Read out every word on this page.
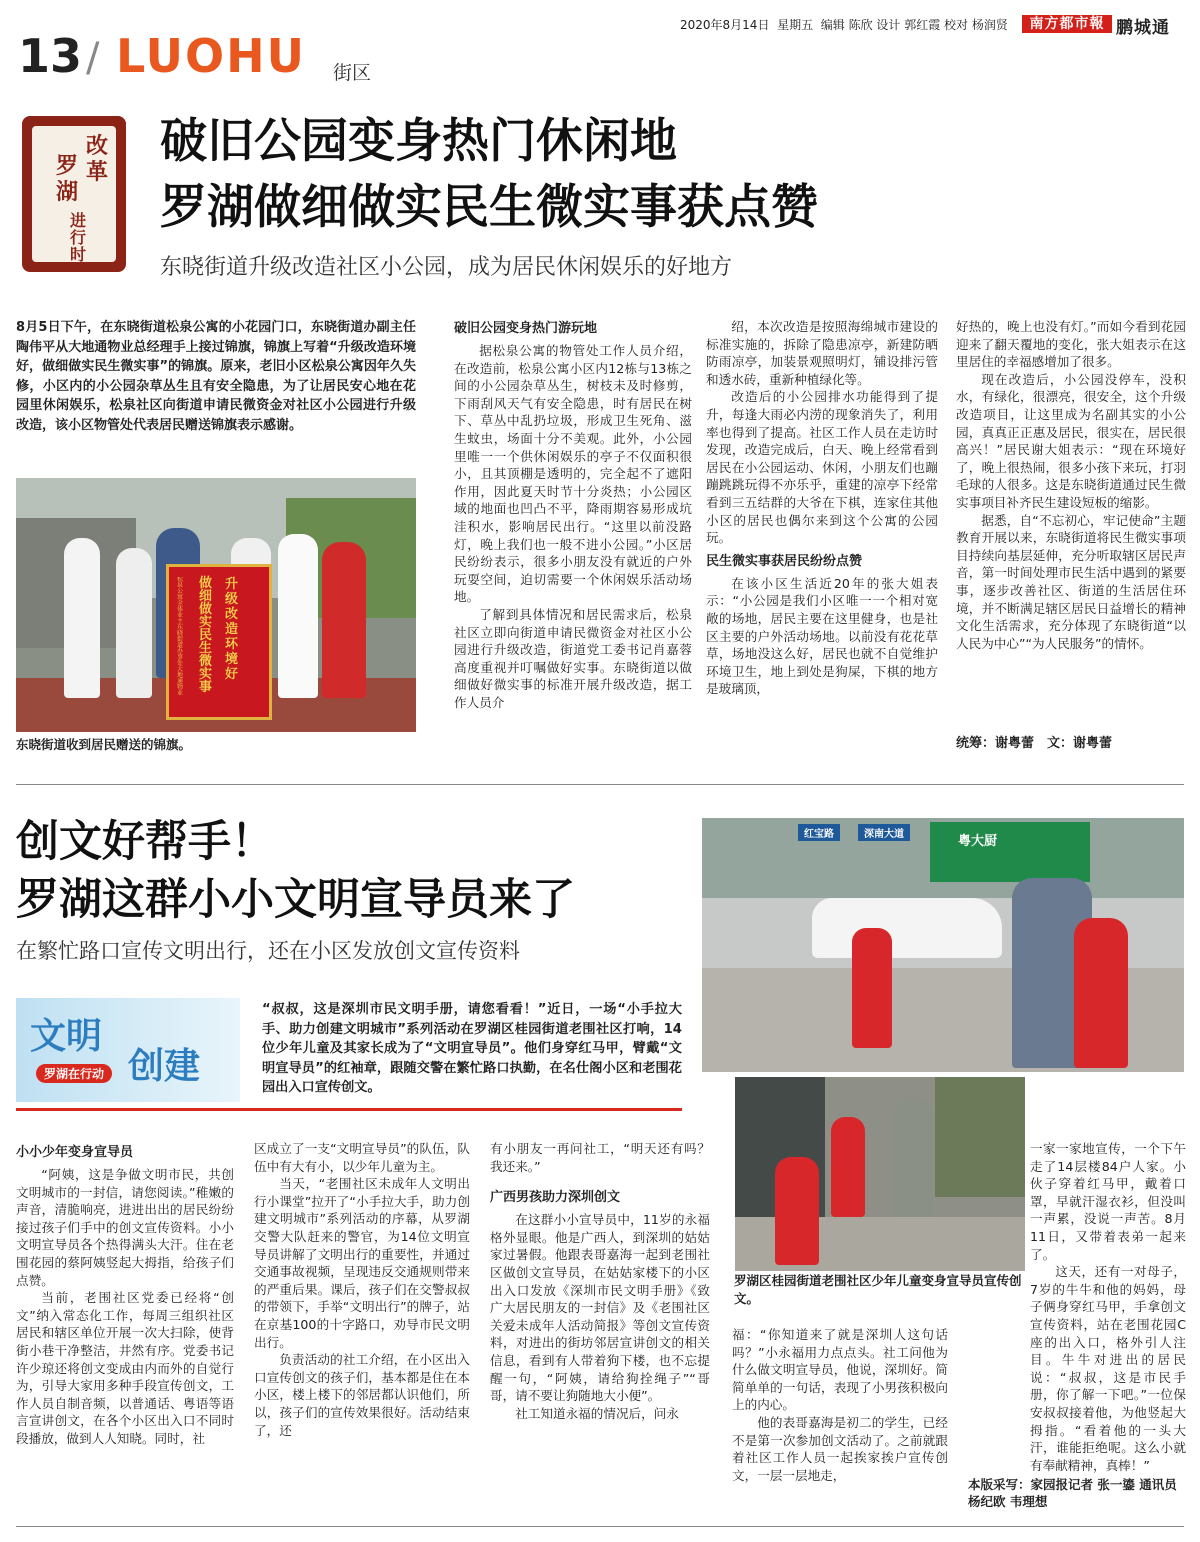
2020年8月14日 星期五 编辑 陈欣 设计 郭红霞 校对 杨润贤	南方都市報 鹏城通
13 / LUOHU 街区
改革
罗湖
进行时
破旧公园变身热门休闲地
罗湖做细做实民生微实事获点赞
东晓街道升级改造社区小公园，成为居民休闲娱乐的好地方
8月5日下午，在东晓街道松泉公寓的小花园门口，东晓街道办副主任陶伟平从大地通物业总经理手上接过锦旗，锦旗上写着“升级改造环境好，做细做实民生微实事”的锦旗。原来，老旧小区松泉公寓因年久失修，小区内的小公园杂草丛生且有安全隐患，为了让居民安心地在花园里休闲娱乐，松泉社区向街道申请民微资金对社区小公园进行升级改造，该小区物管处代表居民赠送锦旗表示感谢。
升级改造环境好
做细做实民生微实事
松泉公寓全体业主 东晓街道办事处 大地通物业
东晓街道收到居民赠送的锦旗。
破旧公园变身热门游玩地

据松泉公寓的物管处工作人员介绍，在改造前，松泉公寓小区内12栋与13栋之间的小公园杂草丛生，树枝未及时修剪，下雨刮风天气有安全隐患，时有居民在树下、草丛中乱扔垃圾，形成卫生死角、滋生蚊虫，场面十分不美观。此外，小公园里唯一一个供休闲娱乐的亭子不仅面积很小，且其顶棚是透明的，完全起不了遮阳作用，因此夏天时节十分炎热；小公园区域的地面也凹凸不平，降雨期容易形成坑洼积水，影响居民出行。“这里以前没路灯，晚上我们也一般不进小公园。”小区居民纷纷表示，很多小朋友没有就近的户外玩耍空间，迫切需要一个休闲娱乐活动场地。

了解到具体情况和居民需求后，松泉社区立即向街道申请民微资金对社区小公园进行升级改造，街道党工委书记肖嘉蓉高度重视并叮嘱做好实事。东晓街道以做细做好微实事的标准开展升级改造，据工作人员介

绍，本次改造是按照海绵城市建设的标准实施的，拆除了隐患凉亭，新建防晒防雨凉亭，加装景观照明灯，铺设排污管和透水砖，重新种植绿化等。

改造后的小公园排水功能得到了提升，每逢大雨必内涝的现象消失了，利用率也得到了提高。社区工作人员在走访时发现，改造完成后，白天、晚上经常看到居民在小公园运动、休闲，小朋友们也蹦蹦跳跳玩得不亦乐乎，重建的凉亭下经常看到三五结群的大爷在下棋，连家住其他小区的居民也偶尔来到这个公寓的公园玩。

民生微实事获居民纷纷点赞

在该小区生活近20年的张大姐表示：“小公园是我们小区唯一一个相对宽敞的场地，居民主要在这里健身，也是社区主要的户外活动场地。以前没有花花草草，场地没这么好，居民也就不自觉维护环境卫生，地上到处是狗屎，下棋的地方是玻璃顶，

好热的，晚上也没有灯。”而如今看到花园迎来了翻天覆地的变化，张大姐表示在这里居住的幸福感增加了很多。

现在改造后，小公园没停车，没积水，有绿化，很漂亮，很安全，这个升级改造项目，让这里成为名副其实的小公园，真真正正惠及居民，很实在，居民很高兴！”居民谢大姐表示：“现在环境好了，晚上很热闹，很多小孩下来玩，打羽毛球的人很多。这是东晓街道通过民生微实事项目补齐民生建设短板的缩影。

据悉，自“不忘初心，牢记使命”主题教育开展以来，东晓街道将民生微实事项目持续向基层延伸，充分听取辖区居民声音，第一时间处理市民生活中遇到的紧要事，逐步改善社区、街道的生活居住环境，并不断满足辖区居民日益增长的精神文化生活需求，充分体现了东晓街道“以人民为中心”“为人民服务”的情怀。

统筹：谢粤蕾　文：谢粤蕾
创文好帮手！
罗湖这群小小文明宣导员来了
在繁忙路口宣传文明出行，还在小区发放创文宣传资料
文明
创建
罗湖在行动
“叔叔，这是深圳市民文明手册，请您看看！”近日，一场“小手拉大手、助力创建文明城市”系列活动在罗湖区桂园街道老围社区打响，14位少年儿童及其家长成为了“文明宣导员”。他们身穿红马甲，臂戴“文明宣导员”的红袖章，跟随交警在繁忙路口执勤，在名仕阁小区和老围花园出入口宣传创文。
红宝路	深南大道	粤大厨
罗湖区桂园街道老围社区少年儿童变身宣导员宣传创文。
小小少年变身宣导员

“阿姨，这是争做文明市民，共创文明城市的一封信，请您阅读。”稚嫩的声音，清脆响亮，进进出出的居民纷纷接过孩子们手中的创文宣传资料。小小文明宣导员各个热得满头大汗。住在老围花园的蔡阿姨竖起大拇指，给孩子们点赞。

当前，老围社区党委已经将“创文”纳入常态化工作，每周三组织社区居民和辖区单位开展一次大扫除，使背街小巷干净整洁，井然有序。党委书记许少琼还将创文变成由内而外的自觉行为，引导大家用多种手段宣传创文，工作人员自制音频，以普通话、粤语等语言宣讲创文，在各个小区出入口不同时段播放，做到人人知晓。同时，社

区成立了一支“文明宣导员”的队伍，队伍中有大有小，以少年儿童为主。

当天，“老围社区未成年人文明出行小课堂”拉开了“小手拉大手，助力创建文明城市”系列活动的序幕，从罗湖交警大队赶来的警官，为14位文明宣导员讲解了文明出行的重要性，并通过交通事故视频，呈现违反交通规则带来的严重后果。课后，孩子们在交警叔叔的带领下，手举“文明出行”的牌子，站在京基100的十字路口，劝导市民文明出行。

负责活动的社工介绍，在小区出入口宣传创文的孩子们，基本都是住在本小区，楼上楼下的邻居都认识他们，所以，孩子们的宣传效果很好。活动结束了，还

有小朋友一再问社工，“明天还有吗？我还来。”

广西男孩助力深圳创文

在这群小小宣导员中，11岁的永福格外显眼。他是广西人，到深圳的姑姑家过暑假。他跟表哥嘉海一起到老围社区做创文宣导员，在姑姑家楼下的小区出入口发放《深圳市民文明手册》《致广大居民朋友的一封信》及《老围社区关爱未成年人活动简报》等创文宣传资料，对进出的街坊邻居宣讲创文的相关信息，看到有人带着狗下楼，也不忘提醒一句，“阿姨，请给狗拴绳子”“哥哥，请不要让狗随地大小便”。

社工知道永福的情况后，问永

福：“你知道来了就是深圳人这句话吗？”小永福用力点点头。社工问他为什么做文明宣导员，他说，深圳好。简简单单的一句话，表现了小男孩积极向上的内心。

他的表哥嘉海是初二的学生，已经不是第一次参加创文活动了。之前就跟着社区工作人员一起挨家挨户宣传创文，一层一层地走，

一家一家地宣传，一个下午走了14层楼84户人家。小伙子穿着红马甲，戴着口罩，早就汗湿衣衫，但没叫一声累，没说一声苦。8月11日，又带着表弟一起来了。

这天，还有一对母子，7岁的牛牛和他的妈妈，母子俩身穿红马甲，手拿创文宣传资料，站在老围花园C座的出入口，格外引人注目。牛牛对进出的居民说：“叔叔，这是市民手册，你了解一下吧。”一位保安叔叔接着他，为他竖起大拇指。“看着他的一头大汗，谁能拒绝呢。这么小就有奉献精神，真棒！”

本版采写：家园报记者 张一鎏 通讯员 杨纪欧 韦理想
